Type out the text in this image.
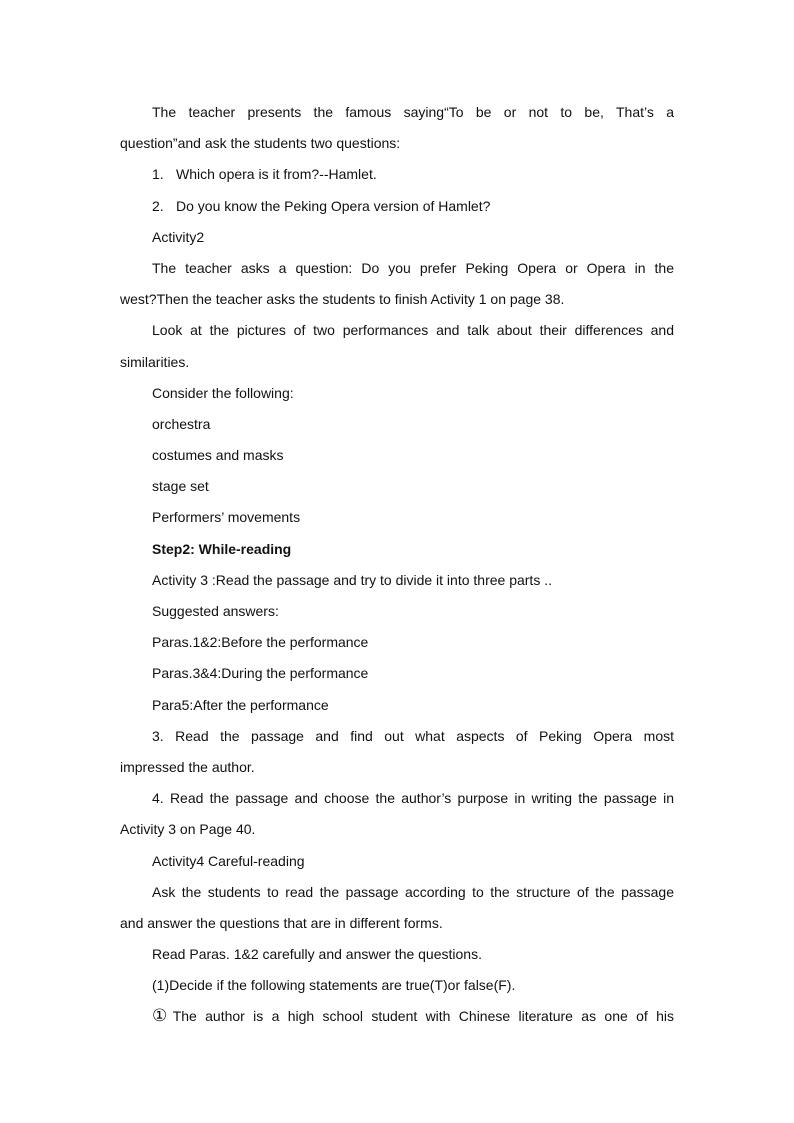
The teacher presents the famous saying“To be or not to be, That’s a
question”and ask the students two questions:
1. Which opera is it from?--Hamlet.
2. Do you know the Peking Opera version of Hamlet?
Activity2
The teacher asks a question: Do you prefer Peking Opera or Opera in the
west?Then the teacher asks the students to finish Activity 1 on page 38.
Look at the pictures of two performances and talk about their differences and
similarities.
Consider the following:
orchestra
costumes and masks
stage set
Performers’ movements
Step2: While-reading
Activity 3 :Read the passage and try to divide it into three parts ..
Suggested answers:
Paras.1&2:Before the performance
Paras.3&4:During the performance
Para5:After the performance
3. Read the passage and find out what aspects of Peking Opera most
impressed the author.
4. Read the passage and choose the author’s purpose in writing the passage in
Activity 3 on Page 40.
Activity4 Careful-reading
Ask the students to read the passage according to the structure of the passage
and answer the questions that are in different forms.
Read Paras. 1&2 carefully and answer the questions.
(1)Decide if the following statements are true(T)or false(F).
①The author is a high school student with Chinese literature as one of his
